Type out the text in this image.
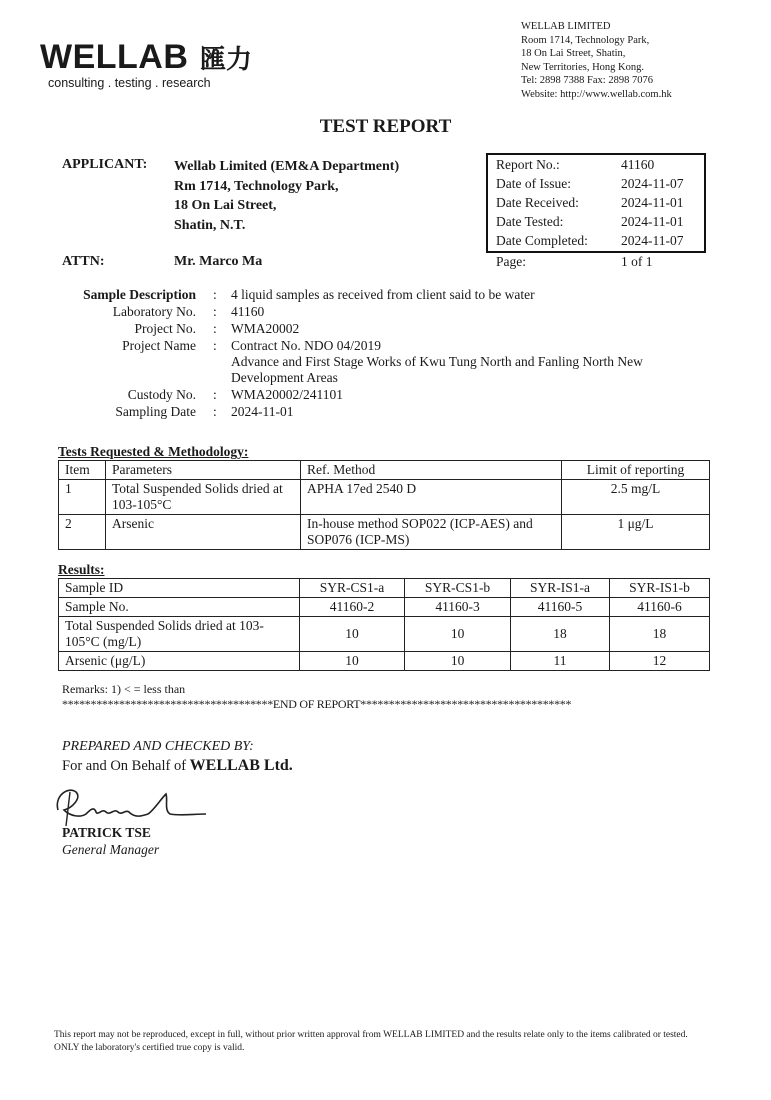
WELLAB 匯力
consulting . testing . research
WELLAB LIMITED
Room 1714, Technology Park,
18 On Lai Street, Shatin,
New Territories, Hong Kong.
Tel: 2898 7388 Fax: 2898 7076
Website: http://www.wellab.com.hk
TEST REPORT
APPLICANT: Wellab Limited (EM&A Department)
Rm 1714, Technology Park,
18 On Lai Street,
Shatin, N.T.
ATTN:	Mr. Marco Ma
Report No.:	41160
Date of Issue:	2024-11-07
Date Received:	2024-11-01
Date Tested:	2024-11-01
Date Completed: 2024-11-07
Page:	1 of 1
Sample Description : 4 liquid samples as received from client said to be water
Laboratory No. : 41160
Project No. : WMA20002
Project Name : Contract No. NDO 04/2019
Advance and First Stage Works of Kwu Tung North and Fanling North New
Development Areas
Custody No. : WMA20002/241101
Sampling Date : 2024-11-01
Tests Requested & Methodology:
Item	Parameters	Ref. Method	Limit of reporting
1	Total Suspended Solids dried at 103-105°C	APHA 17ed 2540 D	2.5 mg/L
2	Arsenic	In-house method SOP022 (ICP-AES) and SOP076 (ICP-MS)	1 μg/L
Results:
Sample ID	SYR-CS1-a	SYR-CS1-b	SYR-IS1-a	SYR-IS1-b
Sample No.	41160-2	41160-3	41160-5	41160-6
Total Suspended Solids dried at 103-105°C (mg/L)	10	10	18	18
Arsenic (μg/L)	10	10	11	12
Remarks: 1) < = less than
*************************************END OF REPORT*************************************
PREPARED AND CHECKED BY:
For and On Behalf of WELLAB Ltd.
PATRICK TSE
General Manager
This report may not be reproduced, except in full, without prior written approval from WELLAB LIMITED and the results relate only to the items calibrated or tested. ONLY the laboratory's certified true copy is valid.
